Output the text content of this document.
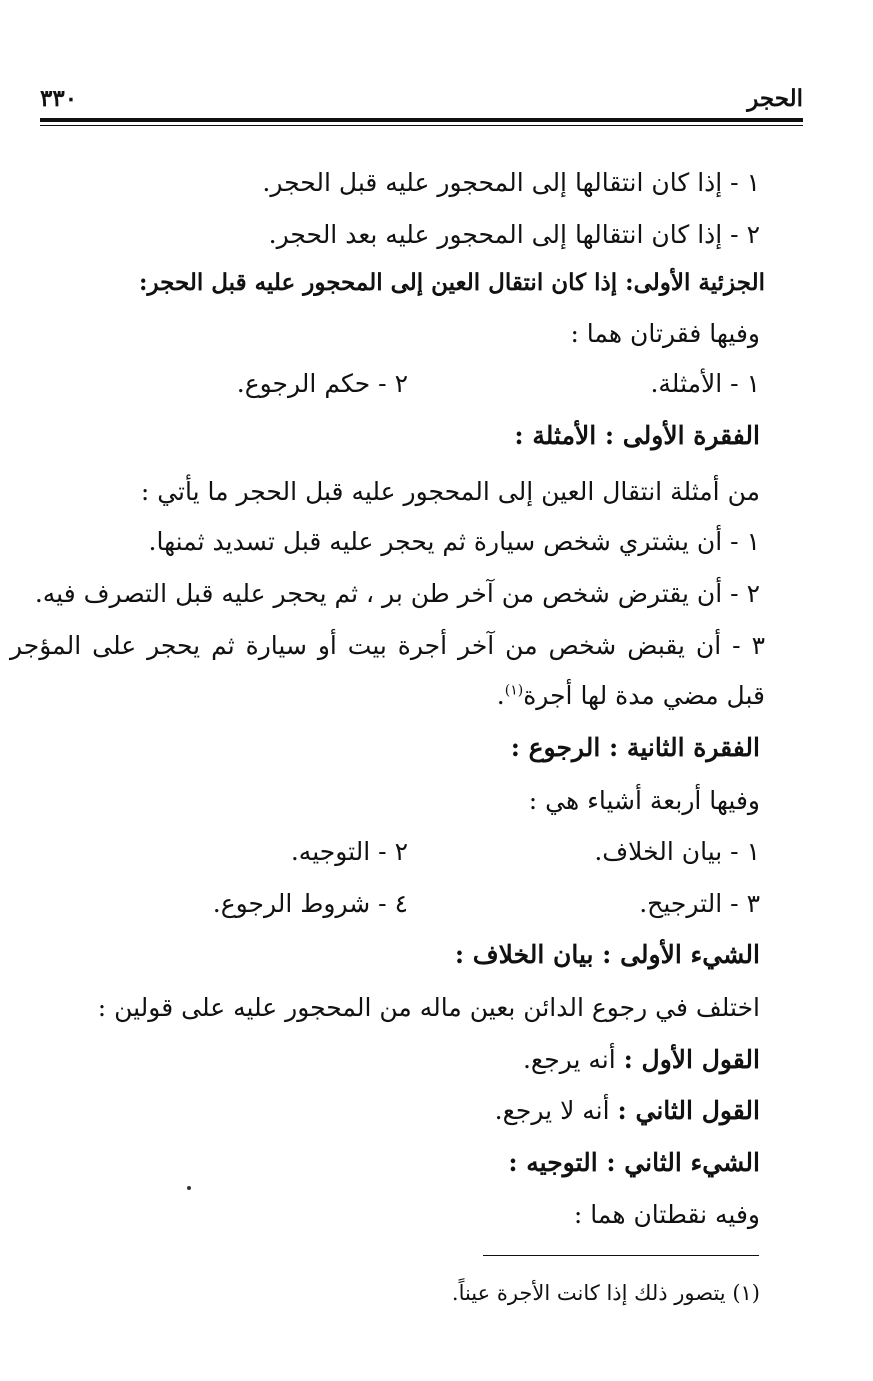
الحجر
٣٣٠
١ - إذا كان انتقالها إلى المحجور عليه قبل الحجر.
٢ - إذا كان انتقالها إلى المحجور عليه بعد الحجر.
الجزئية الأولى: إذا كان انتقال العين إلى المحجور عليه قبل الحجر:
وفيها فقرتان هما :
١ - الأمثلة.
٢ - حكم الرجوع.
الفقرة الأولى : الأمثلة :
من أمثلة انتقال العين إلى المحجور عليه قبل الحجر ما يأتي :
١ - أن يشتري شخص سيارة ثم يحجر عليه قبل تسديد ثمنها.
٢ - أن يقترض شخص من آخر طن بر ، ثم يحجر عليه قبل التصرف فيه.
٣ - أن يقبض شخص من آخر أجرة بيت أو سيارة ثم يحجر على المؤجر
قبل مضي مدة لها أجرة$^{(١)}$.
الفقرة الثانية : الرجوع :
وفيها أربعة أشياء هي :
١ - بيان الخلاف.
٢ - التوجيه.
٣ - الترجيح.
٤ - شروط الرجوع.
الشيء الأولى : بيان الخلاف :
اختلف في رجوع الدائن بعين ماله من المحجور عليه على قولين :
القول الأول : أنه يرجع.
القول الثاني : أنه لا يرجع.
الشيء الثاني : التوجيه :
وفيه نقطتان هما :
(١) يتصور ذلك إذا كانت الأجرة عيناً.
